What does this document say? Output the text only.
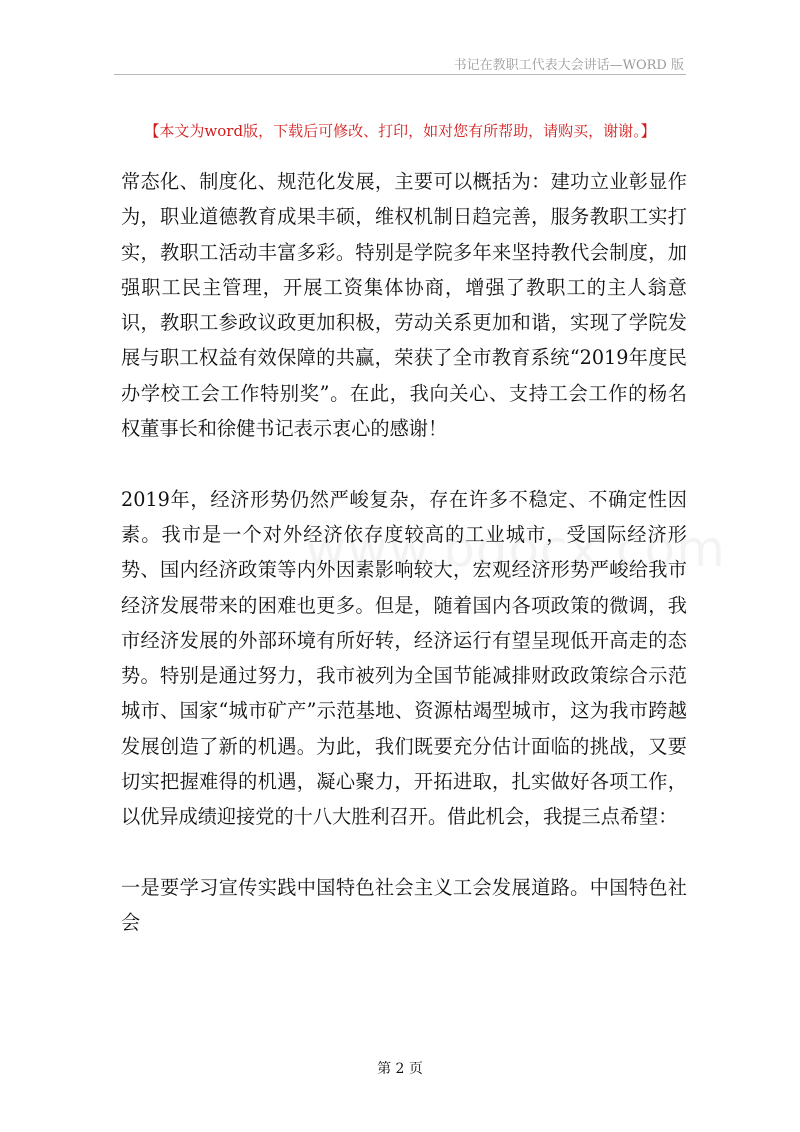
书记在教职工代表大会讲话—WORD 版
【本文为word版，下载后可修改、打印，如对您有所帮助，请购买，谢谢。】

常态化、制度化、规范化发展，主要可以概括为：建功立业彰显作为，职业道德教育成果丰硕，维权机制日趋完善，服务教职工实打实，教职工活动丰富多彩。特别是学院多年来坚持教代会制度，加强职工民主管理，开展工资集体协商，增强了教职工的主人翁意识，教职工参政议政更加积极，劳动关系更加和谐，实现了学院发展与职工权益有效保障的共赢，荣获了全市教育系统“2019年度民办学校工会工作特别奖”。在此，我向关心、支持工会工作的杨名权董事长和徐健书记表示衷心的感谢！

2019年，经济形势仍然严峻复杂，存在许多不稳定、不确定性因素。我市是一个对外经济依存度较高的工业城市，受国际经济形势、国内经济政策等内外因素影响较大，宏观经济形势严峻给我市经济发展带来的困难也更多。但是，随着国内各项政策的微调，我市经济发展的外部环境有所好转，经济运行有望呈现低开高走的态势。特别是通过努力，我市被列为全国节能减排财政政策综合示范城市、国家“城市矿产”示范基地、资源枯竭型城市，这为我市跨越发展创造了新的机遇。为此，我们既要充分估计面临的挑战，又要切实把握难得的机遇，凝心聚力，开拓进取，扎实做好各项工作，以优异成绩迎接党的十八大胜利召开。借此机会，我提三点希望：

一是要学习宣传实践中国特色社会主义工会发展道路。中国特色社会

第 2 页
